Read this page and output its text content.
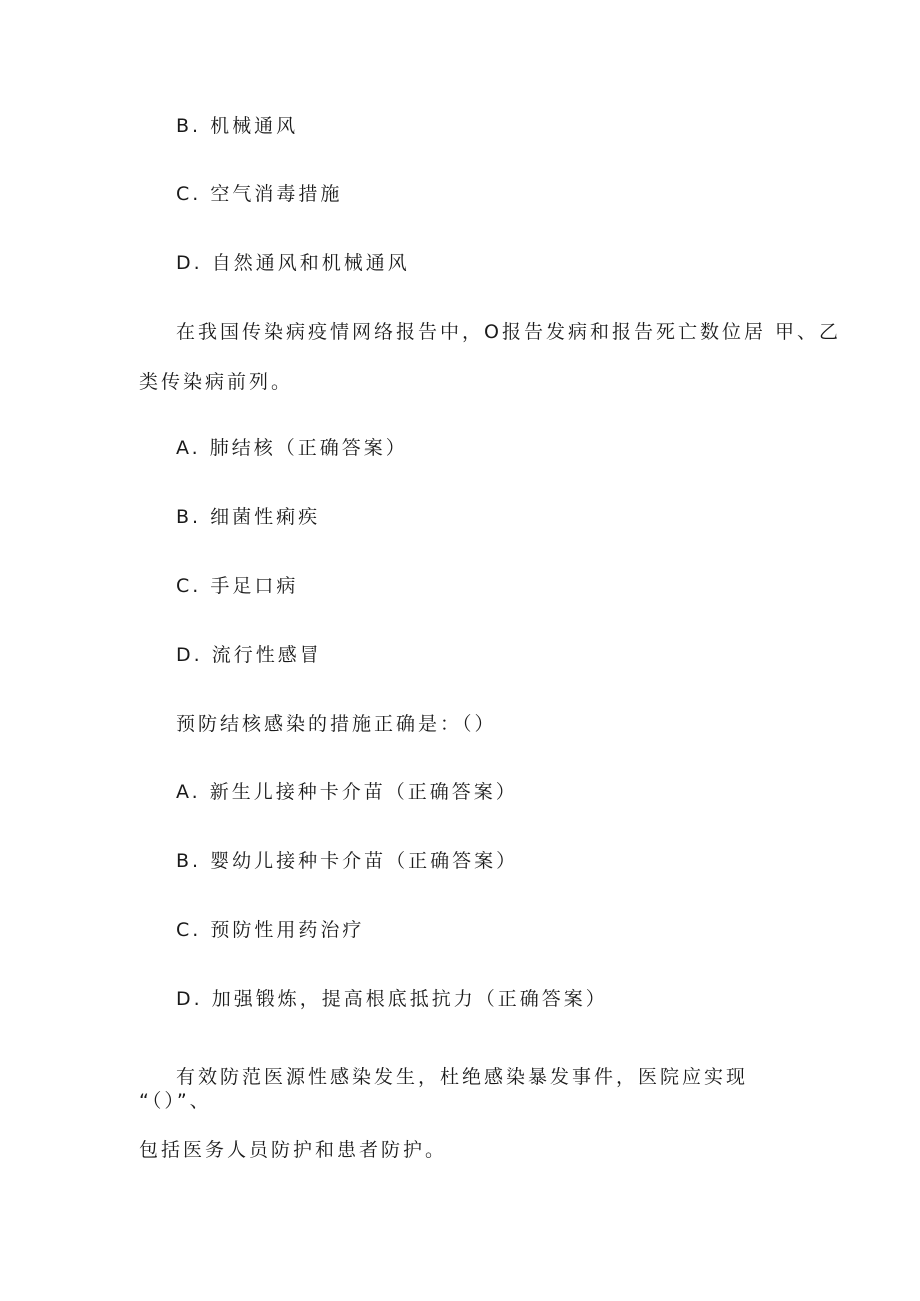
B. 机械通风
C. 空气消毒措施
D. 自然通风和机械通风
在我国传染病疫情网络报告中，O报告发病和报告死亡数位居 甲、乙
类传染病前列。
A. 肺结核（正确答案）
B. 细菌性痢疾
C. 手足口病
D. 流行性感冒
预防结核感染的措施正确是：（）
A. 新生儿接种卡介苗（正确答案）
B. 婴幼儿接种卡介苗（正确答案）
C. 预防性用药治疗
D. 加强锻炼，提高根底抵抗力（正确答案）
有效防范医源性感染发生，杜绝感染暴发事件，医院应实现
“（）”、
包括医务人员防护和患者防护。
